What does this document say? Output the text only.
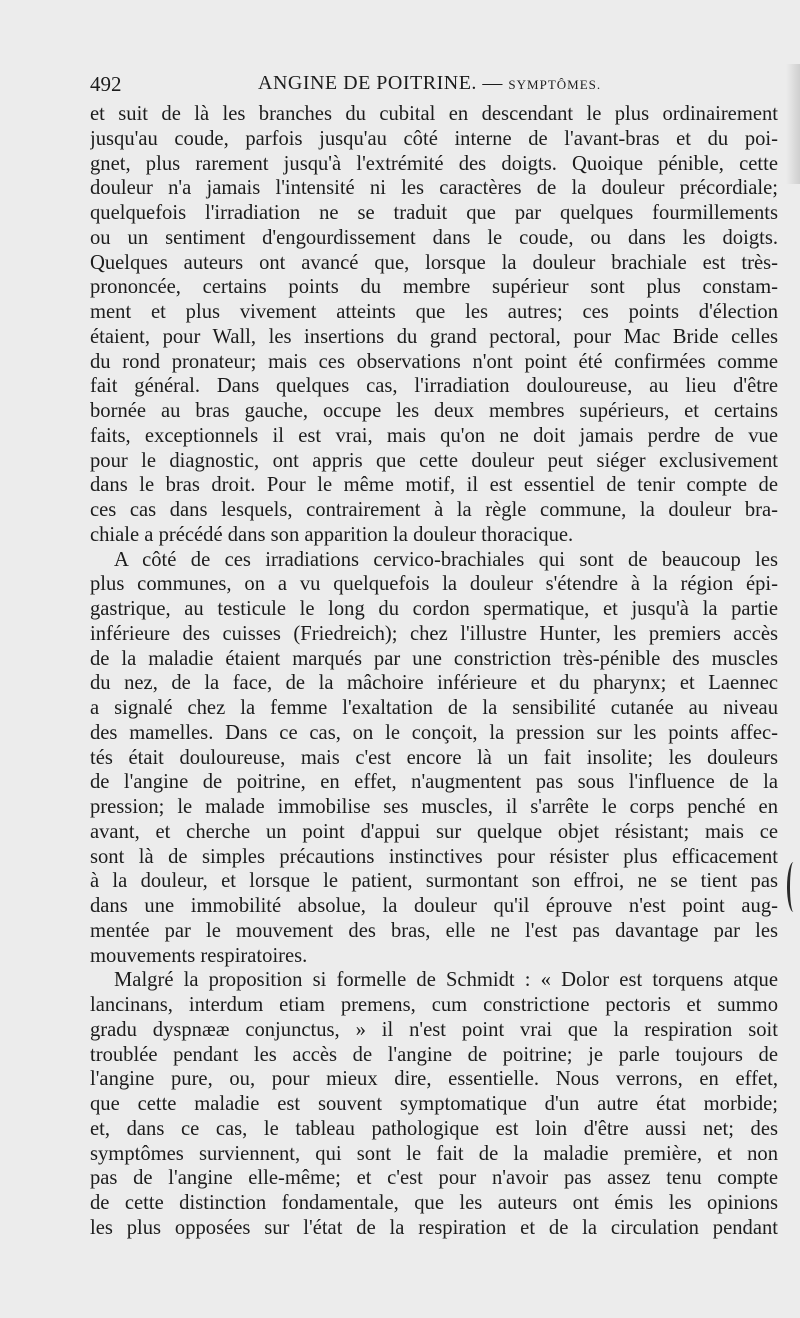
492	ANGINE DE POITRINE. — SYMPTÔMES.
et suit de là les branches du cubital en descendant le plus ordinairement
jusqu'au coude, parfois jusqu'au côté interne de l'avant-bras et du poi-
gnet, plus rarement jusqu'à l'extrémité des doigts. Quoique pénible, cette
douleur n'a jamais l'intensité ni les caractères de la douleur précordiale;
quelquefois l'irradiation ne se traduit que par quelques fourmillements
ou un sentiment d'engourdissement dans le coude, ou dans les doigts.
Quelques auteurs ont avancé que, lorsque la douleur brachiale est très-
prononcée, certains points du membre supérieur sont plus constam-
ment et plus vivement atteints que les autres; ces points d'élection
étaient, pour Wall, les insertions du grand pectoral, pour Mac Bride celles
du rond pronateur; mais ces observations n'ont point été confirmées comme
fait général. Dans quelques cas, l'irradiation douloureuse, au lieu d'être
bornée au bras gauche, occupe les deux membres supérieurs, et certains
faits, exceptionnels il est vrai, mais qu'on ne doit jamais perdre de vue
pour le diagnostic, ont appris que cette douleur peut siéger exclusivement
dans le bras droit. Pour le même motif, il est essentiel de tenir compte de
ces cas dans lesquels, contrairement à la règle commune, la douleur bra-
chiale a précédé dans son apparition la douleur thoracique.
A côté de ces irradiations cervico-brachiales qui sont de beaucoup les
plus communes, on a vu quelquefois la douleur s'étendre à la région épi-
gastrique, au testicule le long du cordon spermatique, et jusqu'à la partie
inférieure des cuisses (Friedreich); chez l'illustre Hunter, les premiers accès
de la maladie étaient marqués par une constriction très-pénible des muscles
du nez, de la face, de la mâchoire inférieure et du pharynx; et Laennec
a signalé chez la femme l'exaltation de la sensibilité cutanée au niveau
des mamelles. Dans ce cas, on le conçoit, la pression sur les points affec-
tés était douloureuse, mais c'est encore là un fait insolite; les douleurs
de l'angine de poitrine, en effet, n'augmentent pas sous l'influence de la
pression; le malade immobilise ses muscles, il s'arrête le corps penché en
avant, et cherche un point d'appui sur quelque objet résistant; mais ce
sont là de simples précautions instinctives pour résister plus efficacement
à la douleur, et lorsque le patient, surmontant son effroi, ne se tient pas
dans une immobilité absolue, la douleur qu'il éprouve n'est point aug-
mentée par le mouvement des bras, elle ne l'est pas davantage par les
mouvements respiratoires.
Malgré la proposition si formelle de Schmidt : « Dolor est torquens atque
lancinans, interdum etiam premens, cum constrictione pectoris et summo
gradu dyspnææ conjunctus, » il n'est point vrai que la respiration soit
troublée pendant les accès de l'angine de poitrine; je parle toujours de
l'angine pure, ou, pour mieux dire, essentielle. Nous verrons, en effet,
que cette maladie est souvent symptomatique d'un autre état morbide;
et, dans ce cas, le tableau pathologique est loin d'être aussi net; des
symptômes surviennent, qui sont le fait de la maladie première, et non
pas de l'angine elle-même; et c'est pour n'avoir pas assez tenu compte
de cette distinction fondamentale, que les auteurs ont émis les opinions
les plus opposées sur l'état de la respiration et de la circulation pendant
